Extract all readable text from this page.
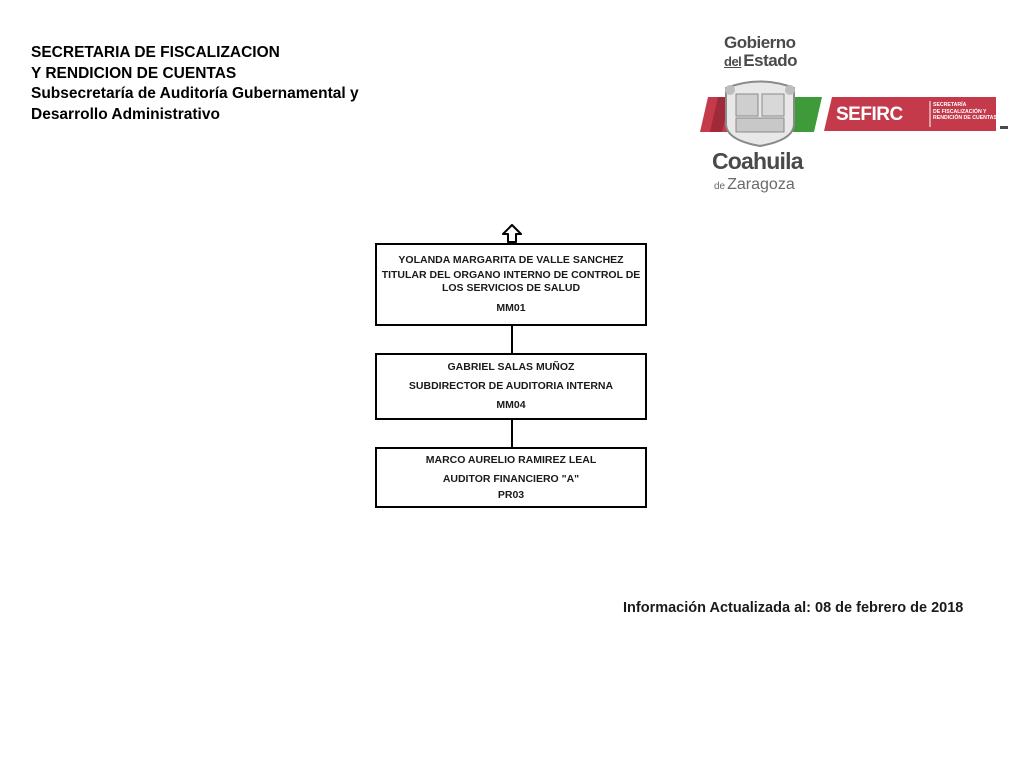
SECRETARIA DE FISCALIZACION
Y RENDICION DE CUENTAS
Subsecretaría de Auditoría Gubernamental y
Desarrollo Administrativo
Gobierno
del Estado
SEFIRC	SECRETARÍA
DE FISCALIZACIÓN Y
RENDICIÓN DE CUENTAS
Coahuila
de Zaragoza
YOLANDA MARGARITA DE VALLE SANCHEZ
TITULAR DEL ORGANO INTERNO DE CONTROL DE
LOS SERVICIOS DE SALUD
MM01
GABRIEL SALAS MUÑOZ
SUBDIRECTOR DE AUDITORIA INTERNA
MM04
MARCO AURELIO RAMIREZ LEAL
AUDITOR FINANCIERO "A"
PR03
Información Actualizada al: 08 de febrero de 2018
